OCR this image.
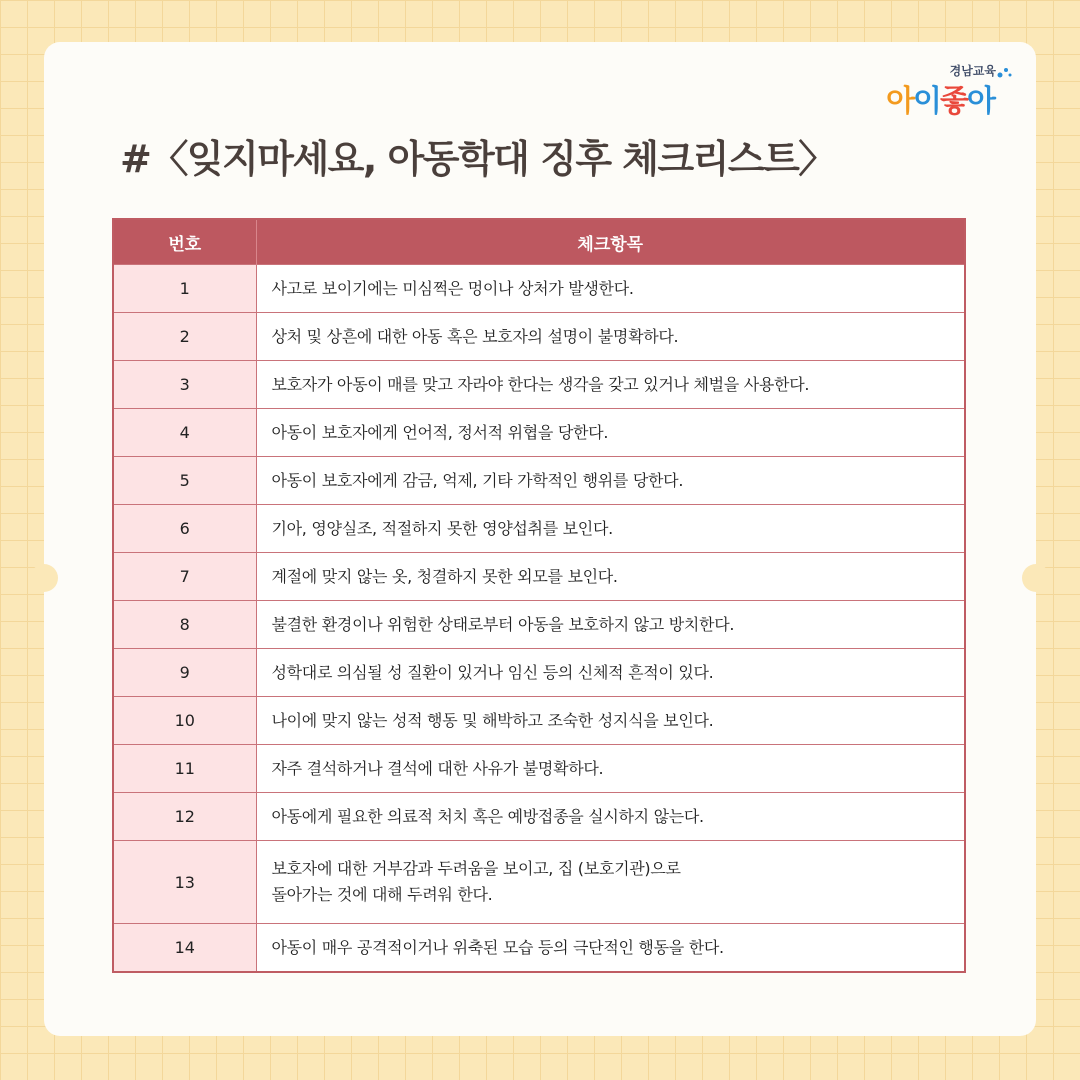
경남교육
아이좋아
#〈잊지마세요, 아동학대 징후 체크리스트〉
번호	체크항목
1	사고로 보이기에는 미심쩍은 멍이나 상처가 발생한다.
2	상처 및 상흔에 대한 아동 혹은 보호자의 설명이 불명확하다.
3	보호자가 아동이 매를 맞고 자라야 한다는 생각을 갖고 있거나 체벌을 사용한다.
4	아동이 보호자에게 언어적, 정서적 위협을 당한다.
5	아동이 보호자에게 감금, 억제, 기타 가학적인 행위를 당한다.
6	기아, 영양실조, 적절하지 못한 영양섭취를 보인다.
7	계절에 맞지 않는 옷, 청결하지 못한 외모를 보인다.
8	불결한 환경이나 위험한 상태로부터 아동을 보호하지 않고 방치한다.
9	성학대로 의심될 성 질환이 있거나 임신 등의 신체적 흔적이 있다.
10	나이에 맞지 않는 성적 행동 및 해박하고 조숙한 성지식을 보인다.
11	자주 결석하거나 결석에 대한 사유가 불명확하다.
12	아동에게 필요한 의료적 처치 혹은 예방접종을 실시하지 않는다.
13	보호자에 대한 거부감과 두려움을 보이고, 집 (보호기관)으로
돌아가는 것에 대해 두려워 한다.

14	아동이 매우 공격적이거나 위축된 모습 등의 극단적인 행동을 한다.
